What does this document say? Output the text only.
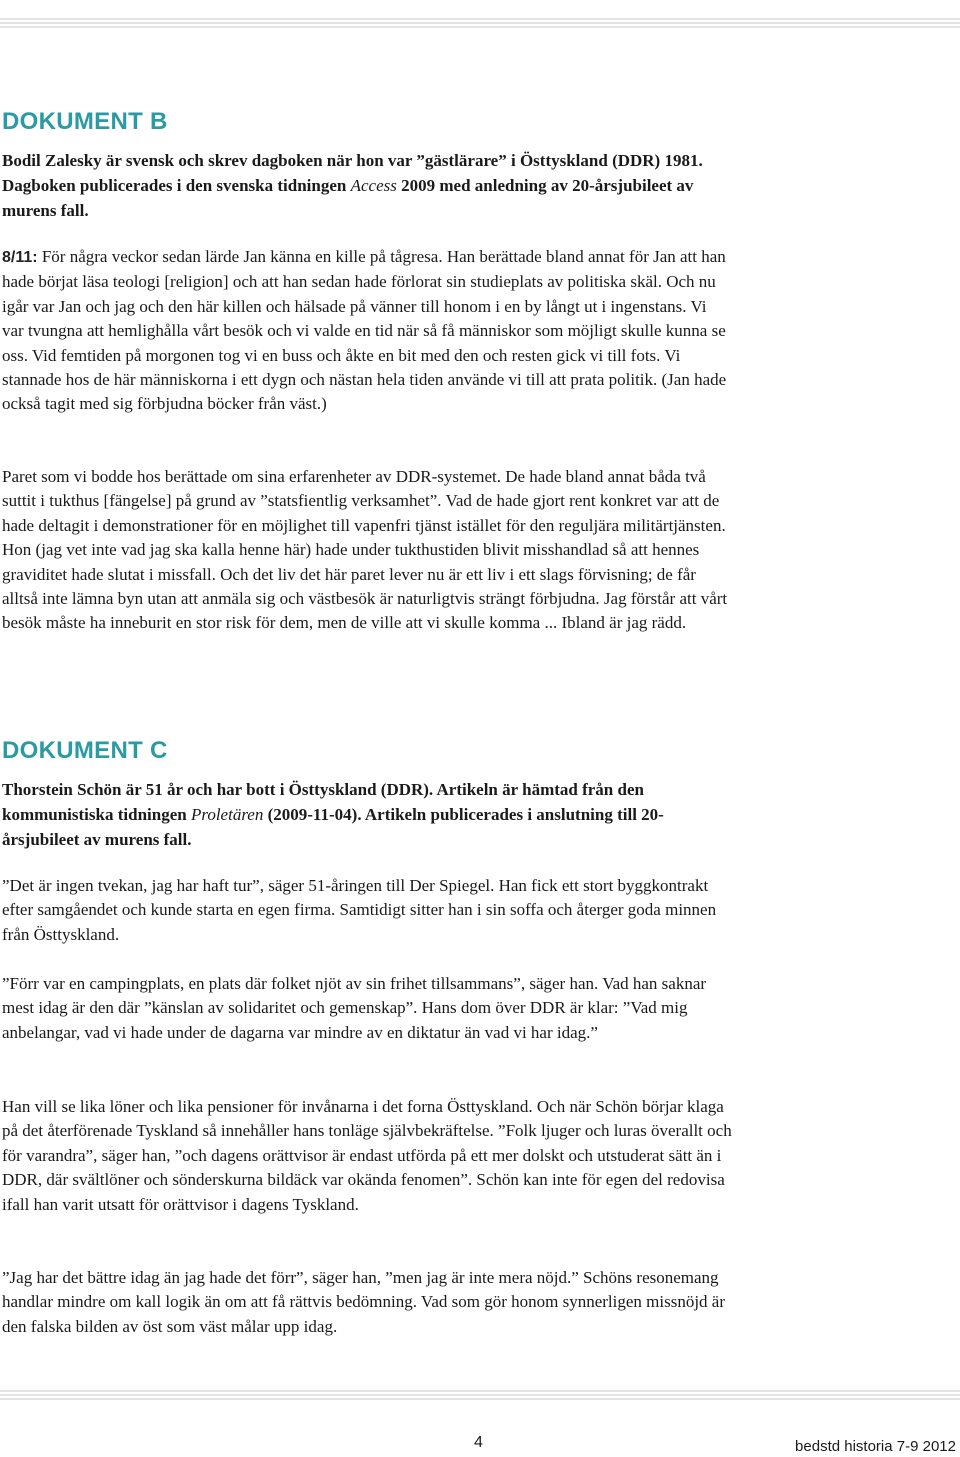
DOKUMENT B

Bodil Zalesky är svensk och skrev dagboken när hon var ”gästlärare” i Östtyskland (DDR) 1981. Dagboken publicerades i den svenska tidningen Access 2009 med anledning av 20-årsjubileet av murens fall.

8/11: För några veckor sedan lärde Jan känna en kille på tågresa. Han berättade bland annat för Jan att han hade börjat läsa teologi [religion] och att han sedan hade förlorat sin studieplats av politiska skäl. Och nu igår var Jan och jag och den här killen och hälsade på vänner till honom i en by långt ut i ingenstans. Vi var tvungna att hemlighålla vårt besök och vi valde en tid när så få människor som möjligt skulle kunna se oss. Vid femtiden på morgonen tog vi en buss och åkte en bit med den och resten gick vi till fots. Vi stannade hos de här människorna i ett dygn och nästan hela tiden använde vi till att prata politik. (Jan hade också tagit med sig förbjudna böcker från väst.)

Paret som vi bodde hos berättade om sina erfarenheter av DDR-systemet. De hade bland annat båda två suttit i tukthus [fängelse] på grund av ”statsfientlig verksamhet”. Vad de hade gjort rent konkret var att de hade deltagit i demonstrationer för en möjlighet till vapenfri tjänst istället för den reguljära militärtjänsten. Hon (jag vet inte vad jag ska kalla henne här) hade under tukthustiden blivit misshandlad så att hennes graviditet hade slutat i missfall. Och det liv det här paret lever nu är ett liv i ett slags förvisning; de får alltså inte lämna byn utan att anmäla sig och västbesök är naturligtvis strängt förbjudna. Jag förstår att vårt besök måste ha inneburit en stor risk för dem, men de ville att vi skulle komma ... Ibland är jag rädd.

DOKUMENT C

Thorstein Schön är 51 år och har bott i Östtyskland (DDR). Artikeln är hämtad från den kommunistiska tidningen Proletären (2009-11-04). Artikeln publicerades i anslutning till 20-årsjubileet av murens fall.

”Det är ingen tvekan, jag har haft tur”, säger 51-åringen till Der Spiegel. Han fick ett stort byggkontrakt efter samgåendet och kunde starta en egen firma. Samtidigt sitter han i sin soffa och återger goda minnen från Östtyskland.

”Förr var en campingplats, en plats där folket njöt av sin frihet tillsammans”, säger han. Vad han saknar mest idag är den där ”känslan av solidaritet och gemenskap”. Hans dom över DDR är klar: ”Vad mig anbelangar, vad vi hade under de dagarna var mindre av en diktatur än vad vi har idag.”

Han vill se lika löner och lika pensioner för invånarna i det forna Östtyskland. Och när Schön börjar klaga på det återförenade Tyskland så innehåller hans tonläge självbekräftelse. ”Folk ljuger och luras överallt och för varandra”, säger han, ”och dagens orättvisor är endast utförda på ett mer dolskt och utstuderat sätt än i DDR, där svältlöner och sönderskurna bildäck var okända fenomen”. Schön kan inte för egen del redovisa ifall han varit utsatt för orättvisor i dagens Tyskland.

”Jag har det bättre idag än jag hade det förr”, säger han, ”men jag är inte mera nöjd.” Schöns resonemang handlar mindre om kall logik än om att få rättvis bedömning. Vad som gör honom synnerligen missnöjd är den falska bilden av öst som väst målar upp idag.

4	bedstd historia 7-9 2012
